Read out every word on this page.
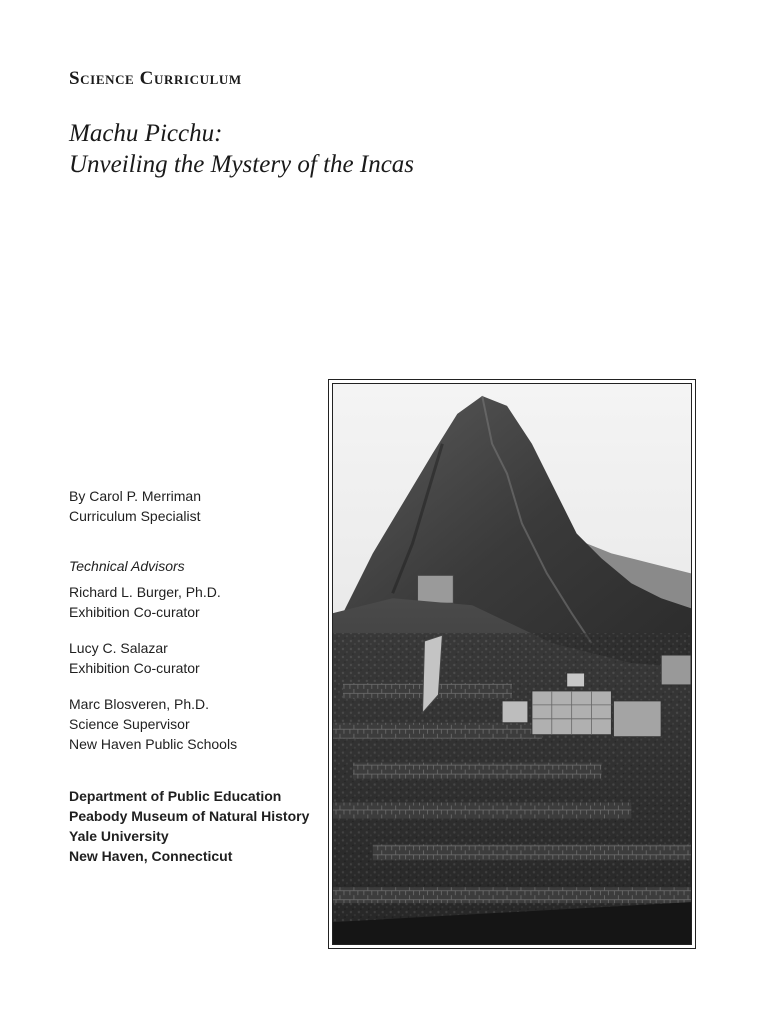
Science Curriculum
Machu Picchu:
Unveiling the Mystery of the Incas
By Carol P. Merriman
Curriculum Specialist
Technical Advisors
Richard L. Burger, Ph.D.
Exhibition Co-curator
Lucy C. Salazar
Exhibition Co-curator
Marc Blosveren, Ph.D.
Science Supervisor
New Haven Public Schools
Department of Public Education
Peabody Museum of Natural History
Yale University
New Haven, Connecticut
